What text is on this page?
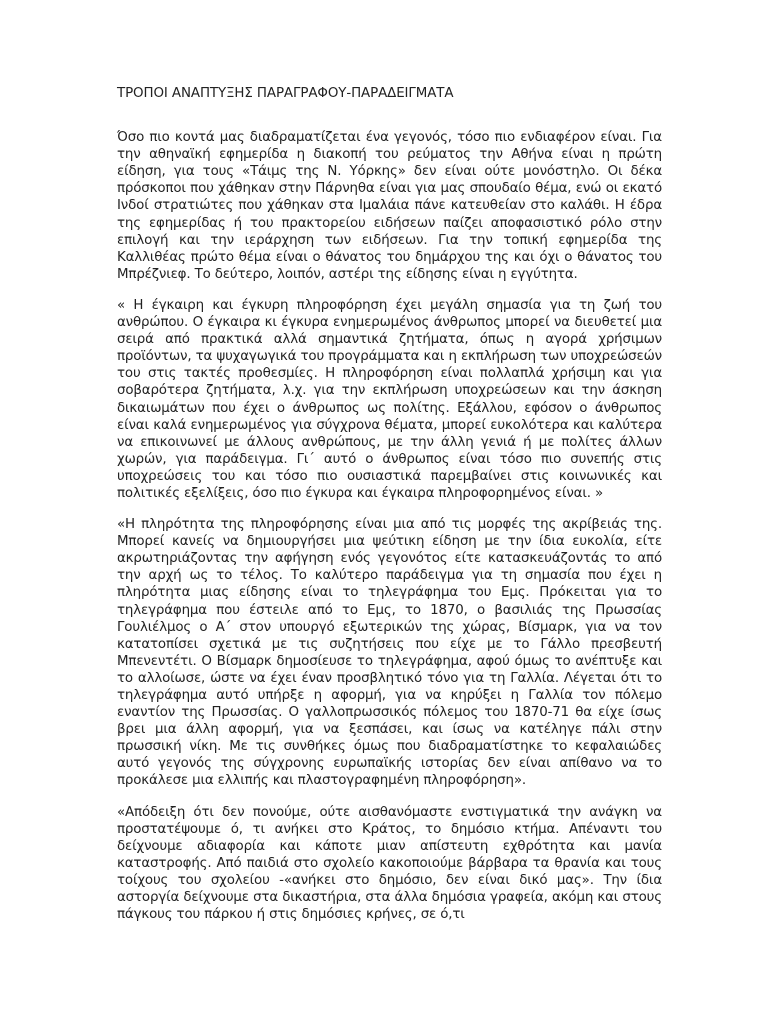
ΤΡΟΠΟΙ ΑΝΑΠΤΥΞΗΣ ΠΑΡΑΓΡΑΦΟΥ-ΠΑΡΑΔΕΙΓΜΑΤΑ

Όσο πιο κοντά μας διαδραματίζεται ένα γεγονός, τόσο πιο ενδιαφέρον είναι. Για την αθηναϊκή εφημερίδα η διακοπή του ρεύματος την Αθήνα είναι η πρώτη είδηση, για τους «Τάιμς της Ν. Υόρκης» δεν είναι ούτε μονόστηλο. Οι δέκα πρόσκοποι που χάθηκαν στην Πάρνηθα είναι για μας σπουδαίο θέμα, ενώ οι εκατό Ινδοί στρατιώτες που χάθηκαν στα Ιμαλάια πάνε κατευθείαν στο καλάθι. Η έδρα της εφημερίδας ή του πρακτορείου ειδήσεων παίζει αποφασιστικό ρόλο στην επιλογή και την ιεράρχηση των ειδήσεων. Για την τοπική εφημερίδα της Καλλιθέας πρώτο θέμα είναι ο θάνατος του δημάρχου της και όχι ο θάνατος του Μπρέζνιεφ. Το δεύτερο, λοιπόν, αστέρι της είδησης είναι η εγγύτητα.

« Η έγκαιρη και έγκυρη πληροφόρηση έχει μεγάλη σημασία για τη ζωή του ανθρώπου. Ο έγκαιρα κι έγκυρα ενημερωμένος άνθρωπος μπορεί να διευθετεί μια σειρά από πρακτικά αλλά σημαντικά ζητήματα, όπως η αγορά χρήσιμων προϊόντων, τα ψυχαγωγικά του προγράμματα και η εκπλήρωση των υποχρεώσεών του στις τακτές προθεσμίες. Η πληροφόρηση είναι πολλαπλά χρήσιμη και για σοβαρότερα ζητήματα, λ.χ. για την εκπλήρωση υποχρεώσεων και την άσκηση δικαιωμάτων που έχει ο άνθρωπος ως πολίτης. Εξάλλου, εφόσον ο άνθρωπος είναι καλά ενημερωμένος για σύγχρονα θέματα, μπορεί ευκολότερα και καλύτερα να επικοινωνεί με άλλους ανθρώπους, με την άλλη γενιά ή με πολίτες άλλων χωρών, για παράδειγμα. Γι΄ αυτό ο άνθρωπος είναι τόσο πιο συνεπής στις υποχρεώσεις του και τόσο πιο ουσιαστικά παρεμβαίνει στις κοινωνικές και πολιτικές εξελίξεις, όσο πιο έγκυρα και έγκαιρα πληροφορημένος είναι. »

«Η πληρότητα της πληροφόρησης είναι μια από τις μορφές της ακρίβειάς της. Μπορεί κανείς να δημιουργήσει μια ψεύτικη είδηση με την ίδια ευκολία, είτε ακρωτηριάζοντας την αφήγηση ενός γεγονότος είτε κατασκευάζοντάς το από την αρχή ως το τέλος. Το καλύτερο παράδειγμα για τη σημασία που έχει η πληρότητα μιας είδησης είναι το τηλεγράφημα του Εμς. Πρόκειται για το τηλεγράφημα που έστειλε από το Εμς, το 1870, ο βασιλιάς της Πρωσσίας Γουλιέλμος ο Α΄ στον υπουργό εξωτερικών της χώρας, Βίσμαρκ, για να τον κατατοπίσει σχετικά με τις συζητήσεις που είχε με το Γάλλο πρεσβευτή Μπενεντέτι. Ο Βίσμαρκ δημοσίευσε το τηλεγράφημα, αφού όμως το ανέπτυξε και το αλλοίωσε, ώστε να έχει έναν προσβλητικό τόνο για τη Γαλλία. Λέγεται ότι το τηλεγράφημα αυτό υπήρξε η αφορμή, για να κηρύξει η Γαλλία τον πόλεμο εναντίον της Πρωσσίας. Ο γαλλοπρωσσικός πόλεμος του 1870-71 θα είχε ίσως βρει μια άλλη αφορμή, για να ξεσπάσει, και ίσως να κατέληγε πάλι στην πρωσσική νίκη. Με τις συνθήκες όμως που διαδραματίστηκε το κεφαλαιώδες αυτό γεγονός της σύγχρονης ευρωπαϊκής ιστορίας δεν είναι απίθανο να το προκάλεσε μια ελλιπής και πλαστογραφημένη πληροφόρηση».

«Απόδειξη ότι δεν πονούμε, ούτε αισθανόμαστε ενστιγματικά την ανάγκη να προστατέψουμε ό, τι ανήκει στο Κράτος, το δημόσιο κτήμα. Απέναντι του δείχνουμε αδιαφορία και κάποτε μιαν απίστευτη εχθρότητα και μανία καταστροφής. Από παιδιά στο σχολείο κακοποιούμε βάρβαρα τα θρανία και τους τοίχους του σχολείου -«ανήκει στο δημόσιο, δεν είναι δικό μας». Την ίδια αστοργία δείχνουμε στα δικαστήρια, στα άλλα δημόσια γραφεία, ακόμη και στους πάγκους του πάρκου ή στις δημόσιες κρήνες, σε ό,τι
